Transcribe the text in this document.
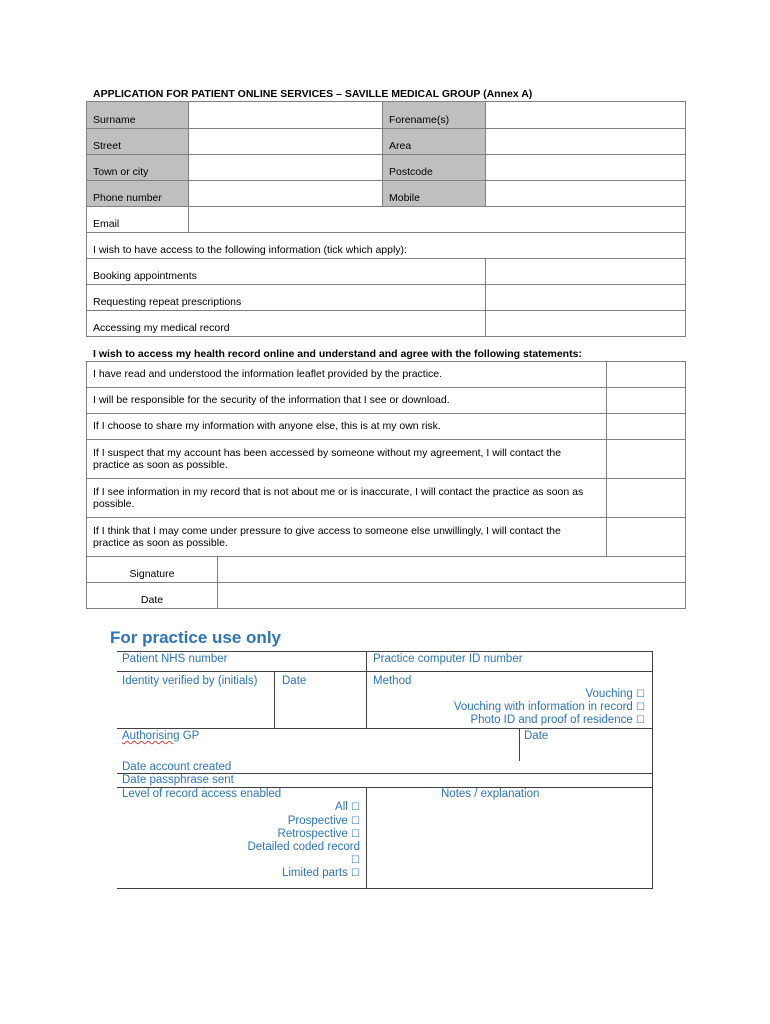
APPLICATION FOR PATIENT ONLINE SERVICES – SAVILLE MEDICAL GROUP (Annex A)
Surname		Forename(s)	
Street		Area	
Town or city		Postcode	
Phone number		Mobile	
Email			
I wish to have access to the following information (tick which apply):			
Booking appointments			
Requesting repeat prescriptions			
Accessing my medical record			
I wish to access my health record online and understand and agree with the following statements:
I have read and understood the information leaflet provided by the practice.		
I will be responsible for the security of the information that I see or download.		
If I choose to share my information with anyone else, this is at my own risk.		
If I suspect that my account has been accessed by someone without my agreement, I will contact the practice as soon as possible.		
If I see information in my record that is not about me or is inaccurate, I will contact the practice as soon as possible.		
If I think that I may come under pressure to give access to someone else unwillingly, I will contact the practice as soon as possible.		
Signature		
Date		
For practice use only
Patient NHS number	Practice computer ID number
Identity verified by (initials)	Date	Method
Vouching ☐
Vouching with information in record ☐
Photo ID and proof of residence ☐
Authorising GP	Date
Date account created
Date passphrase sent
Level of record access enabled	Notes / explanation
All ☐
Prospective ☐
Retrospective ☐
Detailed coded record
☐
Limited parts ☐
